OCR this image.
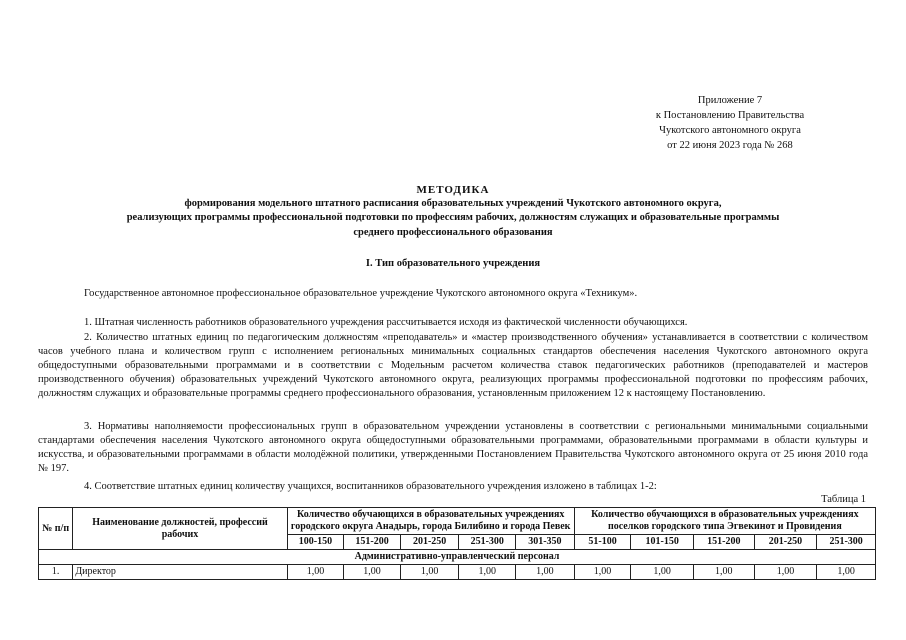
Приложение 7
к Постановлению Правительства
Чукотского автономного округа
от 22 июня 2023 года № 268
МЕТОДИКА
формирования модельного штатного расписания образовательных учреждений Чукотского автономного округа,
реализующих программы профессиональной подготовки по профессиям рабочих, должностям служащих и образовательные программы
среднего профессионального образования
I. Тип образовательного учреждения
Государственное автономное профессиональное образовательное учреждение Чукотского автономного округа «Техникум».
1. Штатная численность работников образовательного учреждения рассчитывается исходя из фактической численности обучающихся.
2. Количество штатных единиц по педагогическим должностям «преподаватель» и «мастер производственного обучения» устанавливается в соответствии с количеством часов учебного плана и количеством групп с исполнением региональных минимальных социальных стандартов обеспечения населения Чукотского автономного округа общедоступными образовательными программами и в соответствии с Модельным расчетом количества ставок педагогических работников (преподавателей и мастеров производственного обучения) образовательных учреждений Чукотского автономного округа, реализующих программы профессиональной подготовки по профессиям рабочих, должностям служащих и образовательные программы среднего профессионального образования, установленным приложением 12 к настоящему Постановлению.
3. Нормативы наполняемости профессиональных групп в образовательном учреждении установлены в соответствии с региональными минимальными социальными стандартами обеспечения населения Чукотского автономного округа общедоступными образовательными программами, образовательными программами в области культуры и искусства, и образовательными программами в области молодёжной политики, утвержденными Постановлением Правительства Чукотского автономного округа от 25 июня 2010 года № 197.
4. Соответствие штатных единиц количеству учащихся, воспитанников образовательного учреждения изложено в таблицах 1-2:
Таблица 1
№ п/п	Наименование должностей, профессий рабочих	Количество обучающихся в образовательных учреждениях городского округа Анадырь, города Билибино и города Певек					Количество обучающихся в образовательных учреждениях поселков городского типа Эгвекинот и Провидения				
		100-150	151-200	201-250	251-300	301-350	51-100	101-150	151-200	201-250	251-300
Административно-управленческий персонал											
1.	Директор	1,00	1,00	1,00	1,00	1,00	1,00	1,00	1,00	1,00	1,00
